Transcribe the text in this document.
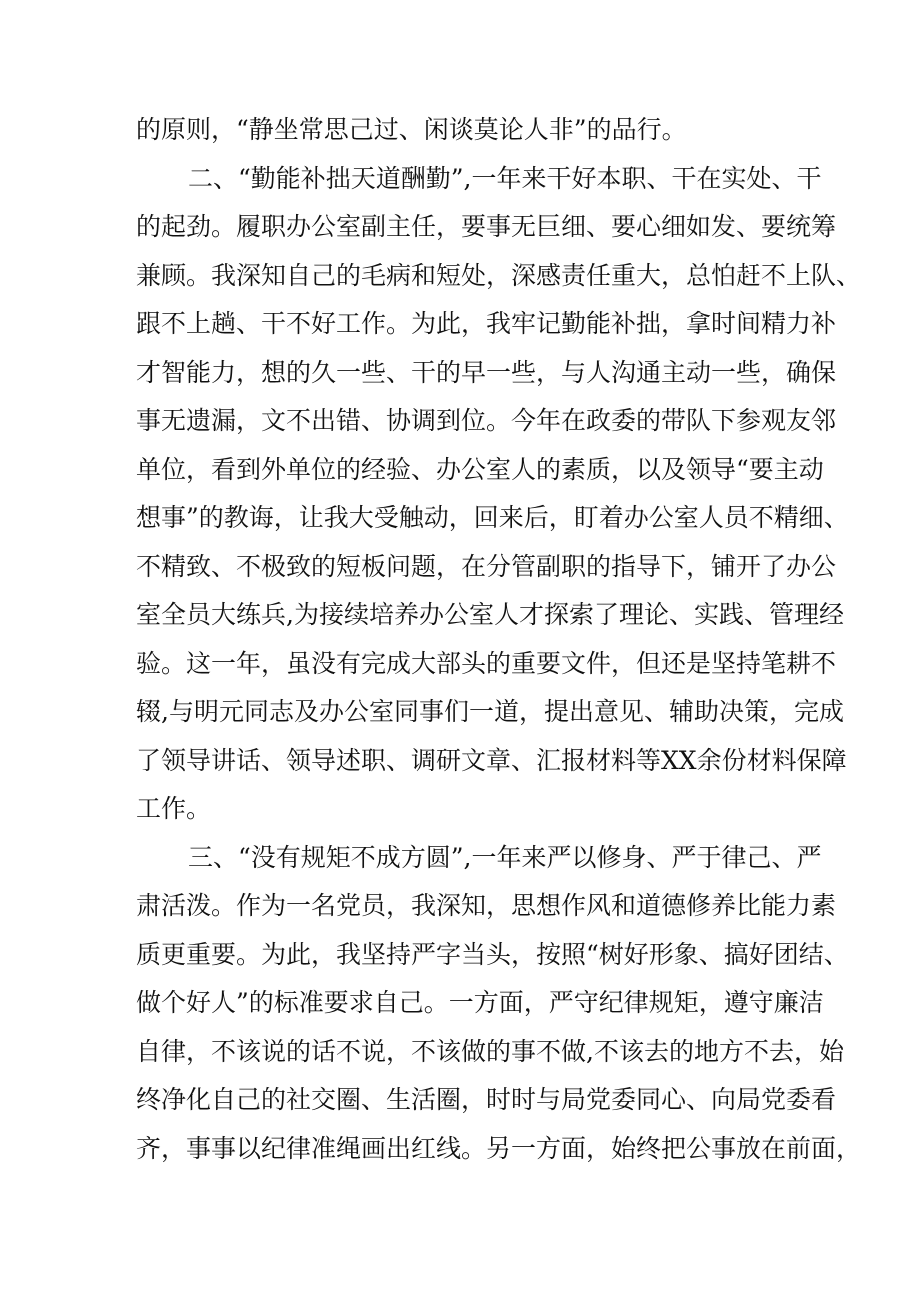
的原则，“静坐常思己过、闲谈莫论人非”的品行。
二、“勤能补拙天道酬勤”,一年来干好本职、干在实处、干
的起劲。履职办公室副主任，要事无巨细、要心细如发、要统筹
兼顾。我深知自己的毛病和短处，深感责任重大，总怕赶不上队、
跟不上趟、干不好工作。为此，我牢记勤能补拙，拿时间精力补
才智能力，想的久一些、干的早一些，与人沟通主动一些，确保
事无遗漏，文不出错、协调到位。今年在政委的带队下参观友邻
单位，看到外单位的经验、办公室人的素质，以及领导“要主动
想事”的教诲，让我大受触动，回来后，盯着办公室人员不精细、
不精致、不极致的短板问题，在分管副职的指导下，铺开了办公
室全员大练兵,为接续培养办公室人才探索了理论、实践、管理经
验。这一年，虽没有完成大部头的重要文件，但还是坚持笔耕不
辍,与明元同志及办公室同事们一道，提出意见、辅助决策，完成
了领导讲话、领导述职、调研文章、汇报材料等XX余份材料保障
工作。
三、“没有规矩不成方圆”,一年来严以修身、严于律己、严
肃活泼。作为一名党员，我深知，思想作风和道德修养比能力素
质更重要。为此，我坚持严字当头，按照“树好形象、搞好团结、
做个好人”的标准要求自己。一方面，严守纪律规矩，遵守廉洁
自律，不该说的话不说，不该做的事不做,不该去的地方不去，始
终净化自己的社交圈、生活圈，时时与局党委同心、向局党委看
齐，事事以纪律准绳画出红线。另一方面，始终把公事放在前面，
